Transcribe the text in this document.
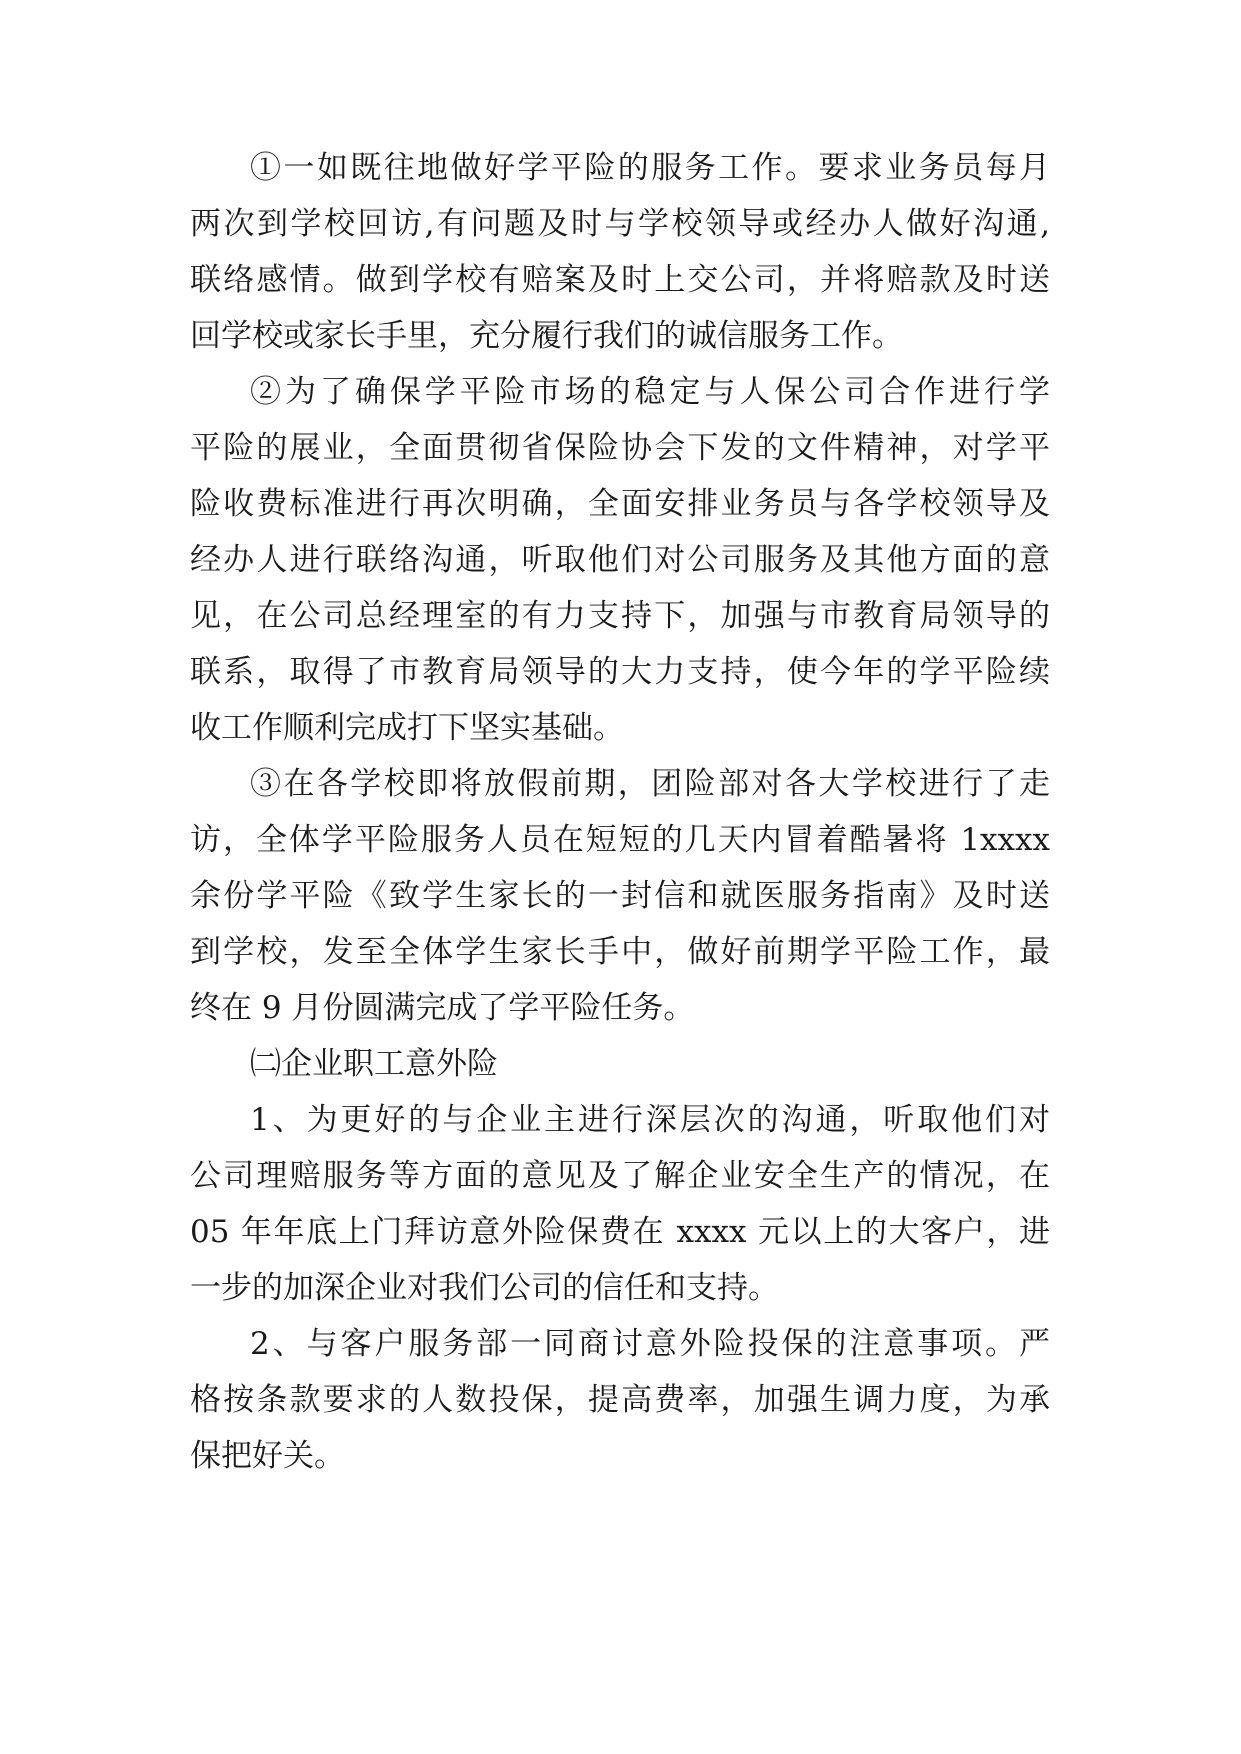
①一如既往地做好学平险的服务工作。要求业务员每月
两次到学校回访,有问题及时与学校领导或经办人做好沟通,
联络感情。做到学校有赔案及时上交公司，并将赔款及时送
回学校或家长手里，充分履行我们的诚信服务工作。
②为了确保学平险市场的稳定与人保公司合作进行学
平险的展业，全面贯彻省保险协会下发的文件精神，对学平
险收费标准进行再次明确，全面安排业务员与各学校领导及
经办人进行联络沟通，听取他们对公司服务及其他方面的意
见，在公司总经理室的有力支持下，加强与市教育局领导的
联系，取得了市教育局领导的大力支持，使今年的学平险续
收工作顺利完成打下坚实基础。
③在各学校即将放假前期，团险部对各大学校进行了走
访，全体学平险服务人员在短短的几天内冒着酷暑将 1xxxx
余份学平险《致学生家长的一封信和就医服务指南》及时送
到学校，发至全体学生家长手中，做好前期学平险工作，最
终在 9 月份圆满完成了学平险任务。
㈡企业职工意外险
1、为更好的与企业主进行深层次的沟通，听取他们对
公司理赔服务等方面的意见及了解企业安全生产的情况，在
05 年年底上门拜访意外险保费在 xxxx 元以上的大客户，进
一步的加深企业对我们公司的信任和支持。
2、与客户服务部一同商讨意外险投保的注意事项。严
格按条款要求的人数投保，提高费率，加强生调力度，为承
保把好关。
